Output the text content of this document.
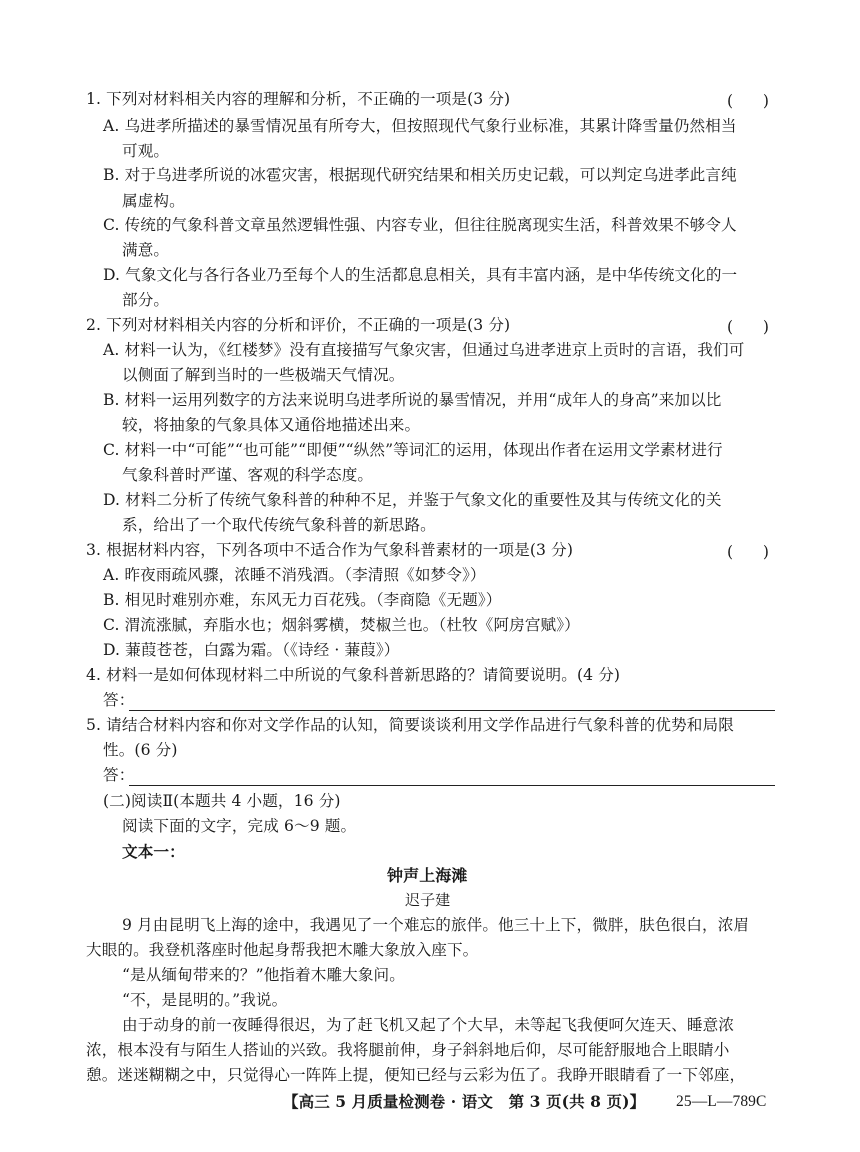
1. 下列对材料相关内容的理解和分析，不正确的一项是(3 分)	(      )
A. 乌进孝所描述的暴雪情况虽有所夸大，但按照现代气象行业标准，其累计降雪量仍然相当
可观。
B. 对于乌进孝所说的冰雹灾害，根据现代研究结果和相关历史记载，可以判定乌进孝此言纯
属虚构。
C. 传统的气象科普文章虽然逻辑性强、内容专业，但往往脱离现实生活，科普效果不够令人
满意。
D. 气象文化与各行各业乃至每个人的生活都息息相关，具有丰富内涵，是中华传统文化的一
部分。
2. 下列对材料相关内容的分析和评价，不正确的一项是(3 分)	(      )
A. 材料一认为，《红楼梦》没有直接描写气象灾害，但通过乌进孝进京上贡时的言语，我们可
以侧面了解到当时的一些极端天气情况。
B. 材料一运用列数字的方法来说明乌进孝所说的暴雪情况，并用“成年人的身高”来加以比
较，将抽象的气象具体又通俗地描述出来。
C. 材料一中“可能”“也可能”“即便”“纵然”等词汇的运用，体现出作者在运用文学素材进行
气象科普时严谨、客观的科学态度。
D. 材料二分析了传统气象科普的种种不足，并鉴于气象文化的重要性及其与传统文化的关
系，给出了一个取代传统气象科普的新思路。
3. 根据材料内容，下列各项中不适合作为气象科普素材的一项是(3 分)	(      )
A. 昨夜雨疏风骤，浓睡不消残酒。（李清照《如梦令》）
B. 相见时难别亦难，东风无力百花残。（李商隐《无题》）
C. 渭流涨腻，弃脂水也；烟斜雾横，焚椒兰也。（杜牧《阿房宫赋》）
D. 蒹葭苍苍，白露为霜。（《诗经 · 蒹葭》）
4. 材料一是如何体现材料二中所说的气象科普新思路的？请简要说明。(4 分)
答：
5. 请结合材料内容和你对文学作品的认知，简要谈谈利用文学作品进行气象科普的优势和局限
性。(6 分)
答：
(二)阅读Ⅱ(本题共 4 小题，16 分)
阅读下面的文字，完成 6～9 题。
文本一：
钟声上海滩
迟子建
9 月由昆明飞上海的途中，我遇见了一个难忘的旅伴。他三十上下，微胖，肤色很白，浓眉
大眼的。我登机落座时他起身帮我把木雕大象放入座下。
“是从缅甸带来的？”他指着木雕大象问。
“不，是昆明的。”我说。
由于动身的前一夜睡得很迟，为了赶飞机又起了个大早，未等起飞我便呵欠连天、睡意浓
浓，根本没有与陌生人搭讪的兴致。我将腿前伸，身子斜斜地后仰，尽可能舒服地合上眼睛小
憩。迷迷糊糊之中，只觉得心一阵阵上提，便知已经与云彩为伍了。我睁开眼睛看了一下邻座，
【高三 5 月质量检测卷 · 语文　第 3 页(共 8 页)】 25—L—789C
